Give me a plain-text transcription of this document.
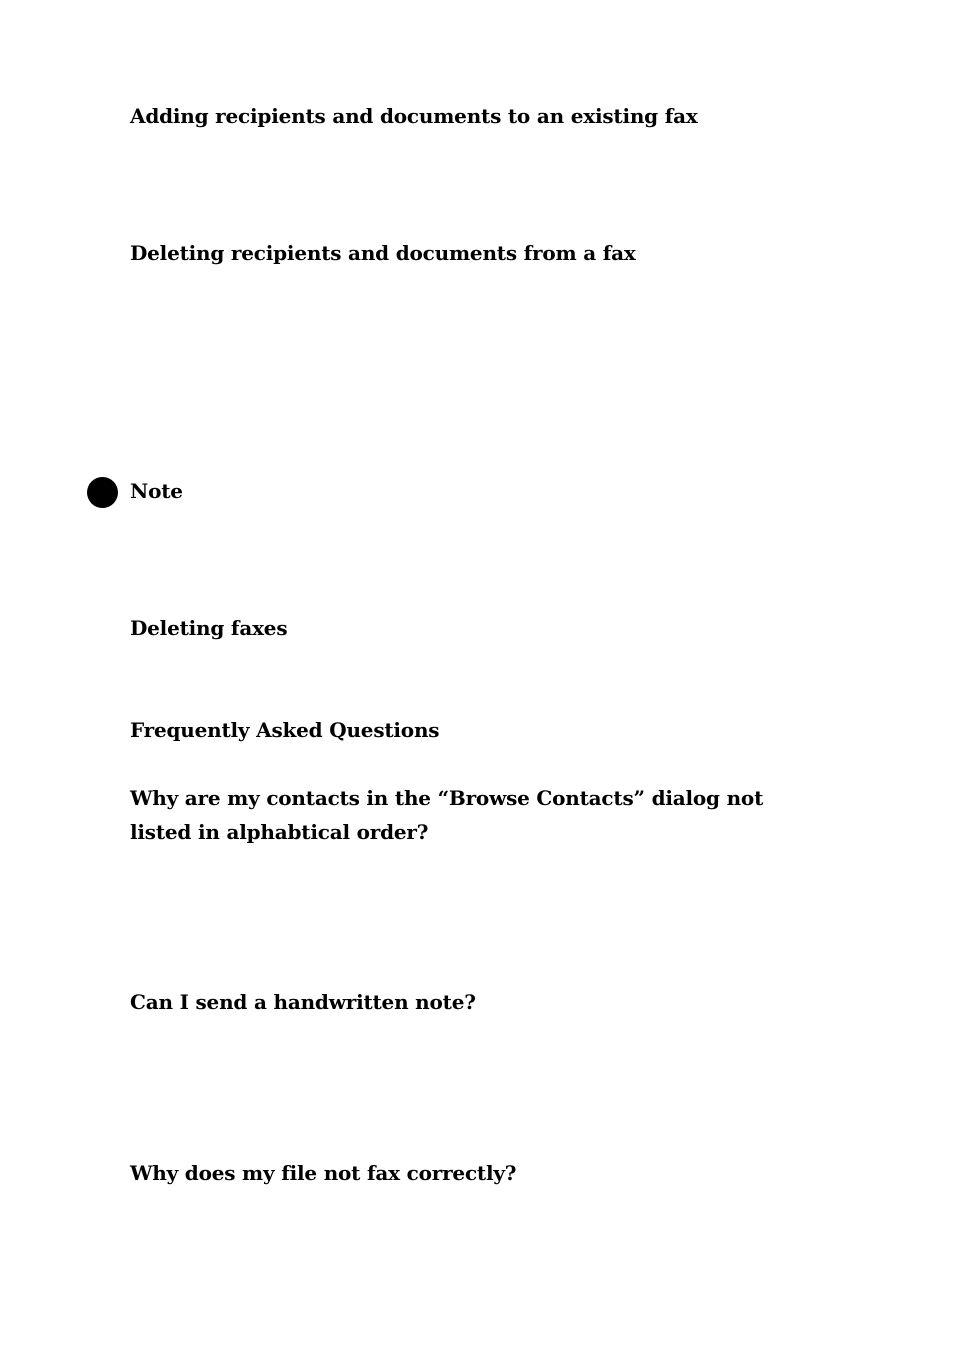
Adding recipients and documents to an existing fax
Deleting recipients and documents from a fax
Note
Deleting faxes
Frequently Asked Questions
Why are my contacts in the “Browse Contacts” dialog not listed in alphabtical order?
Can I send a handwritten note?
Why does my file not fax correctly?
